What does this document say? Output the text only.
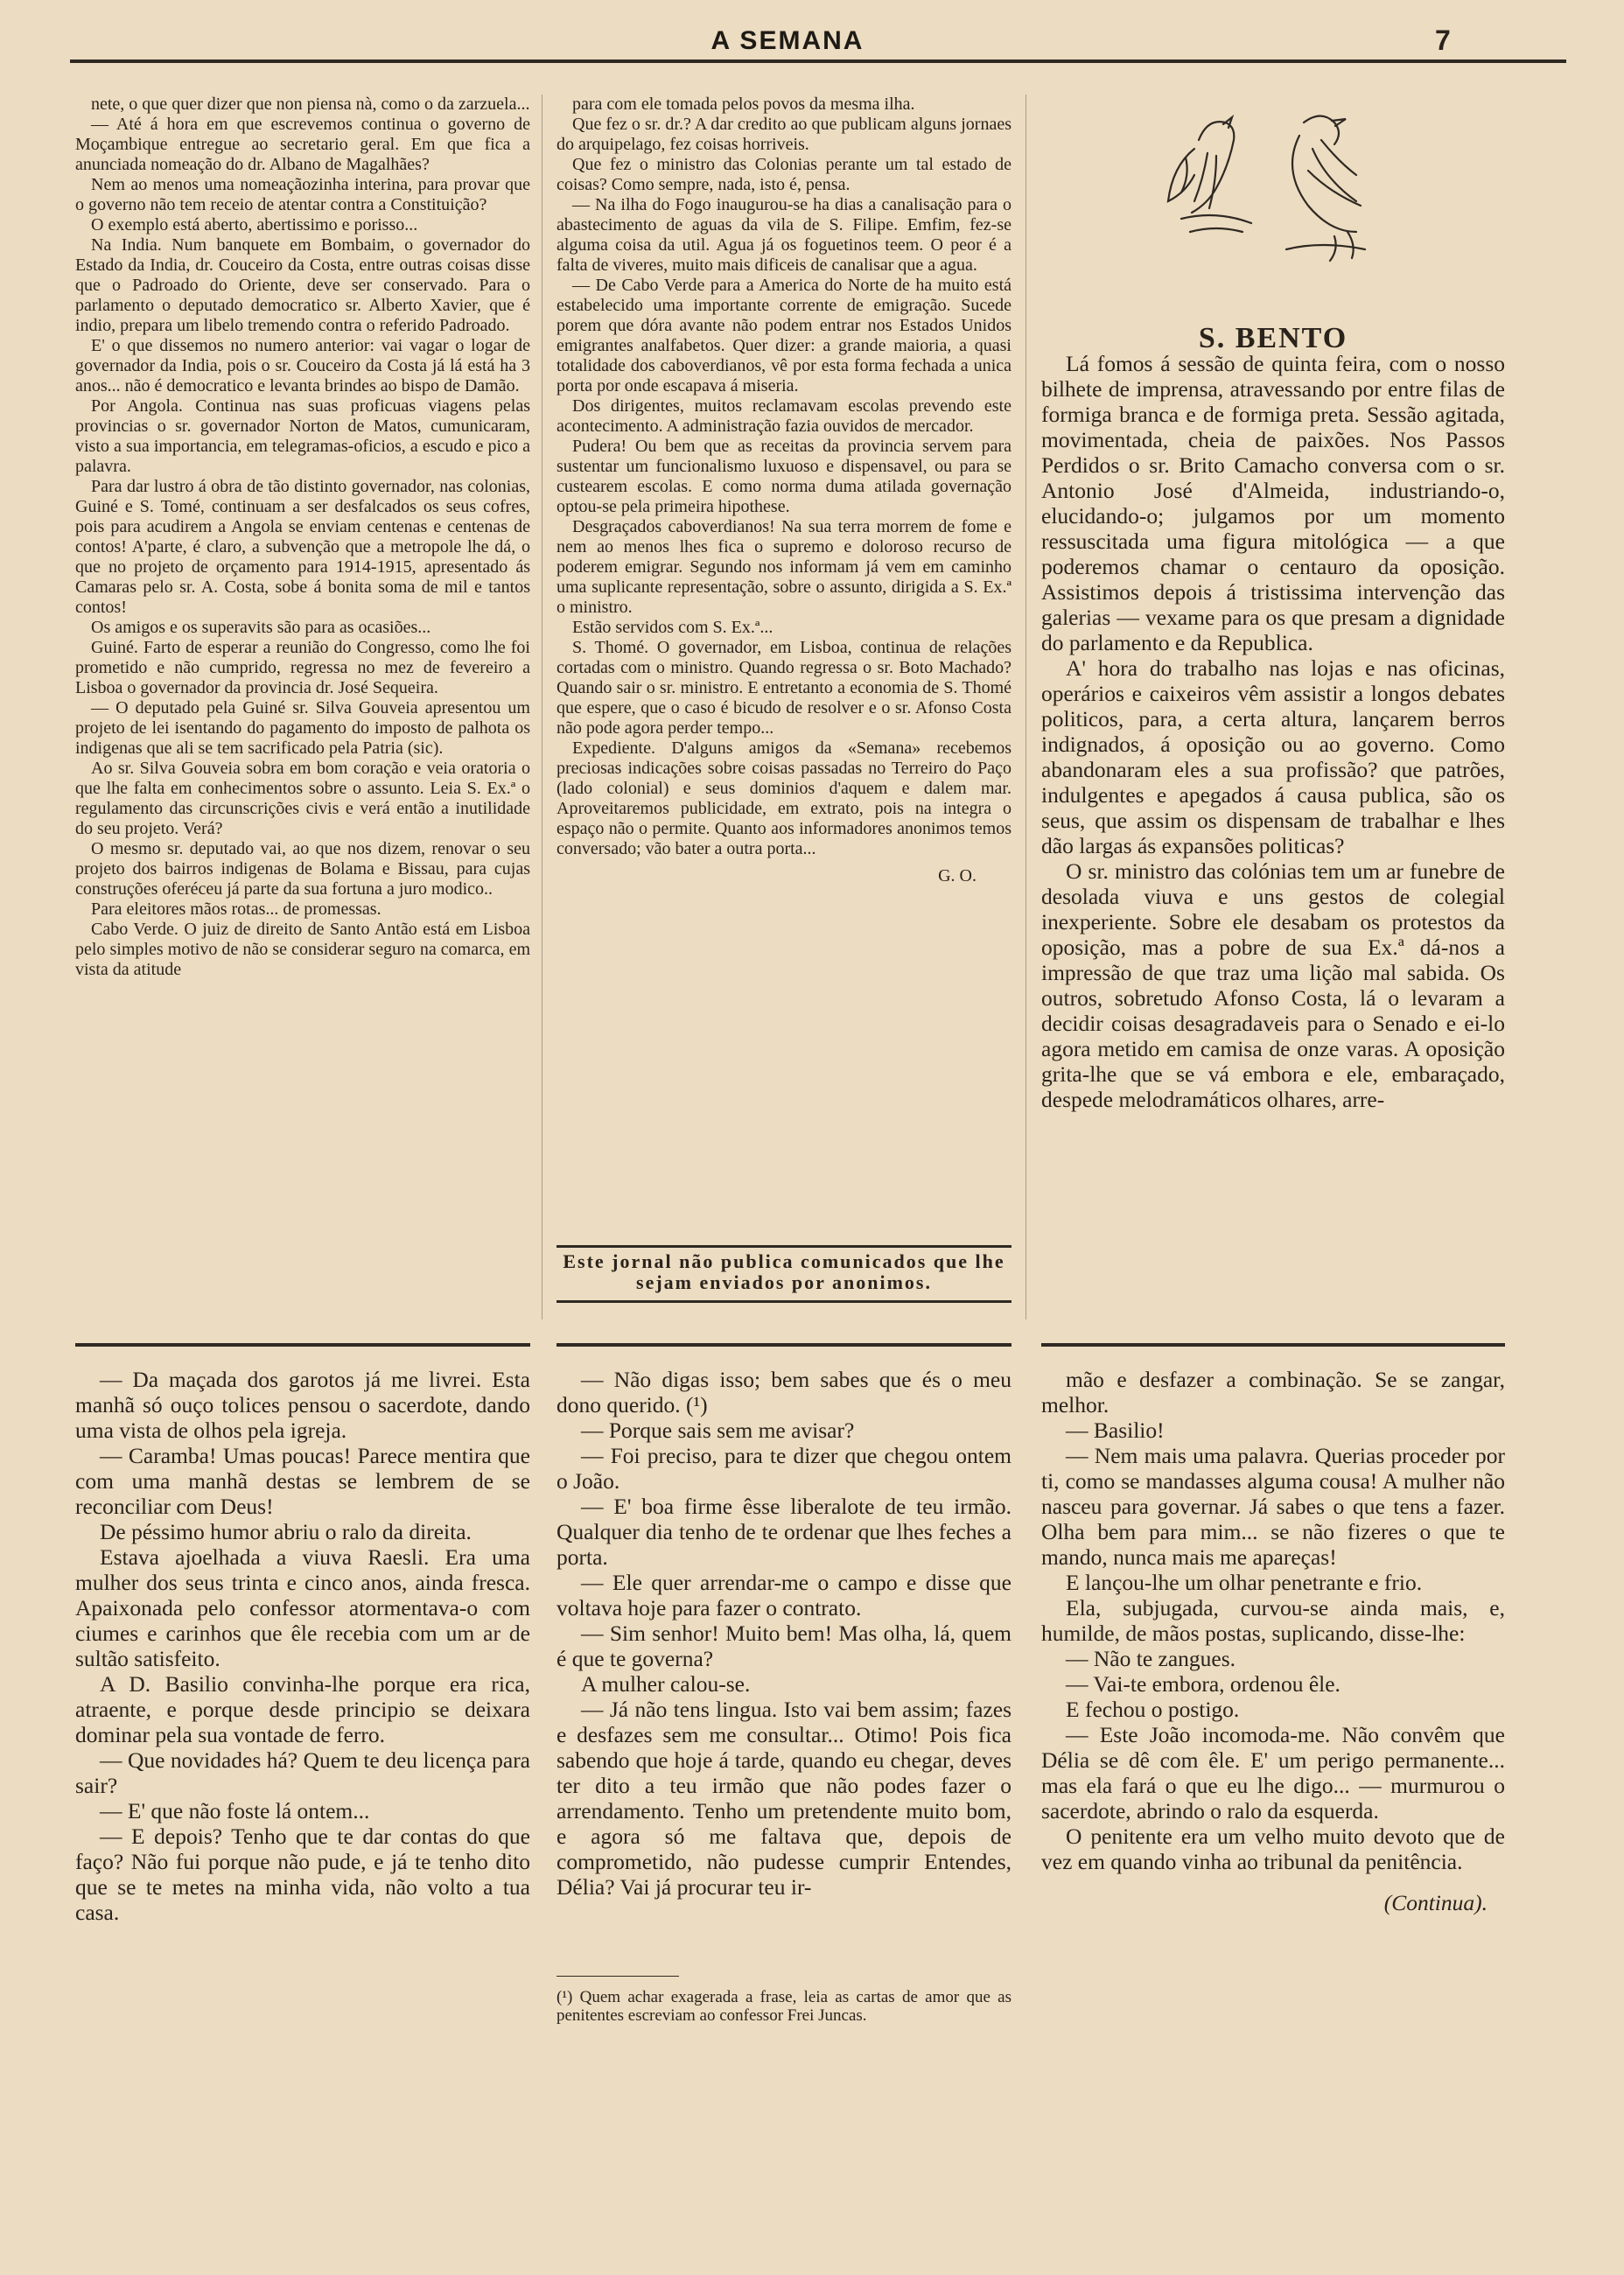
A SEMANA	7

nete, o que quer dizer que non piensa nà, como o da zarzuela...

— Até á hora em que escrevemos continua o governo de Moçambique entregue ao secretario geral. Em que fica a anunciada nomeação do dr. Albano de Magalhães?

Nem ao menos uma nomeaçãozinha interina, para provar que o governo não tem receio de atentar contra a Constituição?

O exemplo está aberto, abertissimo e porisso...

Na India. Num banquete em Bombaim, o governador do Estado da India, dr. Couceiro da Costa, entre outras coisas disse que o Padroado do Oriente, deve ser conservado. Para o parlamento o deputado democratico sr. Alberto Xavier, que é indio, prepara um libelo tremendo contra o referido Padroado.

E' o que dissemos no numero anterior: vai vagar o logar de governador da India, pois o sr. Couceiro da Costa já lá está ha 3 anos... não é democratico e levanta brindes ao bispo de Damão.

Por Angola. Continua nas suas proficuas viagens pelas provincias o sr. governador Norton de Matos, cumunicaram, visto a sua importancia, em telegramas-oficios, a escudo e pico a palavra.

Para dar lustro á obra de tão distinto governador, nas colonias, Guiné e S. Tomé, continuam a ser desfalcados os seus cofres, pois para acudirem a Angola se enviam centenas e centenas de contos! A'parte, é claro, a subvenção que a metropole lhe dá, o que no projeto de orçamento para 1914-1915, apresentado ás Camaras pelo sr. A. Costa, sobe á bonita soma de mil e tantos contos!

Os amigos e os superavits são para as ocasiões...

Guiné. Farto de esperar a reunião do Congresso, como lhe foi prometido e não cumprido, regressa no mez de fevereiro a Lisboa o governador da provincia dr. José Sequeira.

— O deputado pela Guiné sr. Silva Gouveia apresentou um projeto de lei isentando do pagamento do imposto de palhota os indigenas que ali se tem sacrificado pela Patria (sic).

Ao sr. Silva Gouveia sobra em bom coração e veia oratoria o que lhe falta em conhecimentos sobre o assunto. Leia S. Ex.ª o regulamento das circunscrições civis e verá então a inutilidade do seu projeto. Verá?

O mesmo sr. deputado vai, ao que nos dizem, renovar o seu projeto dos bairros indigenas de Bolama e Bissau, para cujas construções oferéceu já parte da sua fortuna a juro modico..

Para eleitores mãos rotas... de promessas.

Cabo Verde. O juiz de direito de Santo Antão está em Lisboa pelo simples motivo de não se considerar seguro na comarca, em vista da atitude

para com ele tomada pelos povos da mesma ilha.

Que fez o sr. dr.? A dar credito ao que publicam alguns jornaes do arquipelago, fez coisas horriveis.

Que fez o ministro das Colonias perante um tal estado de coisas? Como sempre, nada, isto é, pensa.

— Na ilha do Fogo inaugurou-se ha dias a canalisação para o abastecimento de aguas da vila de S. Filipe. Emfim, fez-se alguma coisa da util. Agua já os foguetinos teem. O peor é a falta de viveres, muito mais dificeis de canalisar que a agua.

— De Cabo Verde para a America do Norte de ha muito está estabelecido uma importante corrente de emigração. Sucede porem que dóra avante não podem entrar nos Estados Unidos emigrantes analfabetos. Quer dizer: a grande maioria, a quasi totalidade dos caboverdianos, vê por esta forma fechada a unica porta por onde escapava á miseria.

Dos dirigentes, muitos reclamavam escolas prevendo este acontecimento. A administração fazia ouvidos de mercador.

Pudera! Ou bem que as receitas da provincia servem para sustentar um funcionalismo luxuoso e dispensavel, ou para se custearem escolas. E como norma duma atilada governação optou-se pela primeira hipothese.

Desgraçados caboverdianos! Na sua terra morrem de fome e nem ao menos lhes fica o supremo e doloroso recurso de poderem emigrar. Segundo nos informam já vem em caminho uma suplicante representação, sobre o assunto, dirigida a S. Ex.ª o ministro.

Estão servidos com S. Ex.ª...

S. Thomé. O governador, em Lisboa, continua de relações cortadas com o ministro. Quando regressa o sr. Boto Machado? Quando sair o sr. ministro. E entretanto a economia de S. Thomé que espere, que o caso é bicudo de resolver e o sr. Afonso Costa não pode agora perder tempo...

Expediente. D'alguns amigos da «Semana» recebemos preciosas indicações sobre coisas passadas no Terreiro do Paço (lado colonial) e seus dominios d'aquem e dalem mar. Aproveitaremos publicidade, em extrato, pois na integra o espaço não o permite. Quanto aos informadores anonimos temos conversado; vão bater a outra porta...

G. O.

Este jornal não publica comunicados que lhe sejam enviados por anonimos.

S. BENTO

Lá fomos á sessão de quinta feira, com o nosso bilhete de imprensa, atravessando por entre filas de formiga branca e de formiga preta. Sessão agitada, movimentada, cheia de paixões. Nos Passos Perdidos o sr. Brito Camacho conversa com o sr. Antonio José d'Almeida, industriando-o, elucidando-o; julgamos por um momento ressuscitada uma figura mitológica — a que poderemos chamar o centauro da oposição. Assistimos depois á tristissima intervenção das galerias — vexame para os que presam a dignidade do parlamento e da Republica.

A' hora do trabalho nas lojas e nas oficinas, operários e caixeiros vêm assistir a longos debates politicos, para, a certa altura, lançarem berros indignados, á oposição ou ao governo. Como abandonaram eles a sua profissão? que patrões, indulgentes e apegados á causa publica, são os seus, que assim os dispensam de trabalhar e lhes dão largas ás expansões politicas?

O sr. ministro das colónias tem um ar funebre de desolada viuva e uns gestos de colegial inexperiente. Sobre ele desabam os protestos da oposição, mas a pobre de sua Ex.ª dá-nos a impressão de que traz uma lição mal sabida. Os outros, sobretudo Afonso Costa, lá o levaram a decidir coisas desagradaveis para o Senado e ei-lo agora metido em camisa de onze varas. A oposição grita-lhe que se vá embora e ele, embaraçado, despede melodramáticos olhares, arre-

— Da maçada dos garotos já me livrei. Esta manhã só ouço tolices pensou o sacerdote, dando uma vista de olhos pela igreja.

— Caramba! Umas poucas! Parece mentira que com uma manhã destas se lembrem de se reconciliar com Deus!

De péssimo humor abriu o ralo da direita.

Estava ajoelhada a viuva Raesli. Era uma mulher dos seus trinta e cinco anos, ainda fresca. Apaixonada pelo confessor atormentava-o com ciumes e carinhos que êle recebia com um ar de sultão satisfeito.

A D. Basilio convinha-lhe porque era rica, atraente, e porque desde principio se deixara dominar pela sua vontade de ferro.

— Que novidades há? Quem te deu licença para sair?

— E' que não foste lá ontem...

— E depois? Tenho que te dar contas do que faço? Não fui porque não pude, e já te tenho dito que se te metes na minha vida, não volto a tua casa.

— Não digas isso; bem sabes que és o meu dono querido. (¹)

— Porque sais sem me avisar?

— Foi preciso, para te dizer que chegou ontem o João.

— E' boa firme êsse liberalote de teu irmão. Qualquer dia tenho de te ordenar que lhes feches a porta.

— Ele quer arrendar-me o campo e disse que voltava hoje para fazer o contrato.

— Sim senhor! Muito bem! Mas olha, lá, quem é que te governa?

A mulher calou-se.

— Já não tens lingua. Isto vai bem assim; fazes e desfazes sem me consultar... Otimo! Pois fica sabendo que hoje á tarde, quando eu chegar, deves ter dito a teu irmão que não podes fazer o arrendamento. Tenho um pretendente muito bom, e agora só me faltava que, depois de comprometido, não pudesse cumprir Entendes, Délia? Vai já procurar teu ir-

(¹) Quem achar exagerada a frase, leia as cartas de amor que as penitentes escreviam ao confessor Frei Juncas.

mão e desfazer a combinação. Se se zangar, melhor.

— Basilio!

— Nem mais uma palavra. Querias proceder por ti, como se mandasses alguma cousa! A mulher não nasceu para governar. Já sabes o que tens a fazer. Olha bem para mim... se não fizeres o que te mando, nunca mais me apareças!

E lançou-lhe um olhar penetrante e frio.

Ela, subjugada, curvou-se ainda mais, e, humilde, de mãos postas, suplicando, disse-lhe:

— Não te zangues.

— Vai-te embora, ordenou êle.

E fechou o postigo.

— Este João incomoda-me. Não convêm que Délia se dê com êle. E' um perigo permanente... mas ela fará o que eu lhe digo... — murmurou o sacerdote, abrindo o ralo da esquerda.

O penitente era um velho muito devoto que de vez em quando vinha ao tribunal da penitência.

(Continua).
